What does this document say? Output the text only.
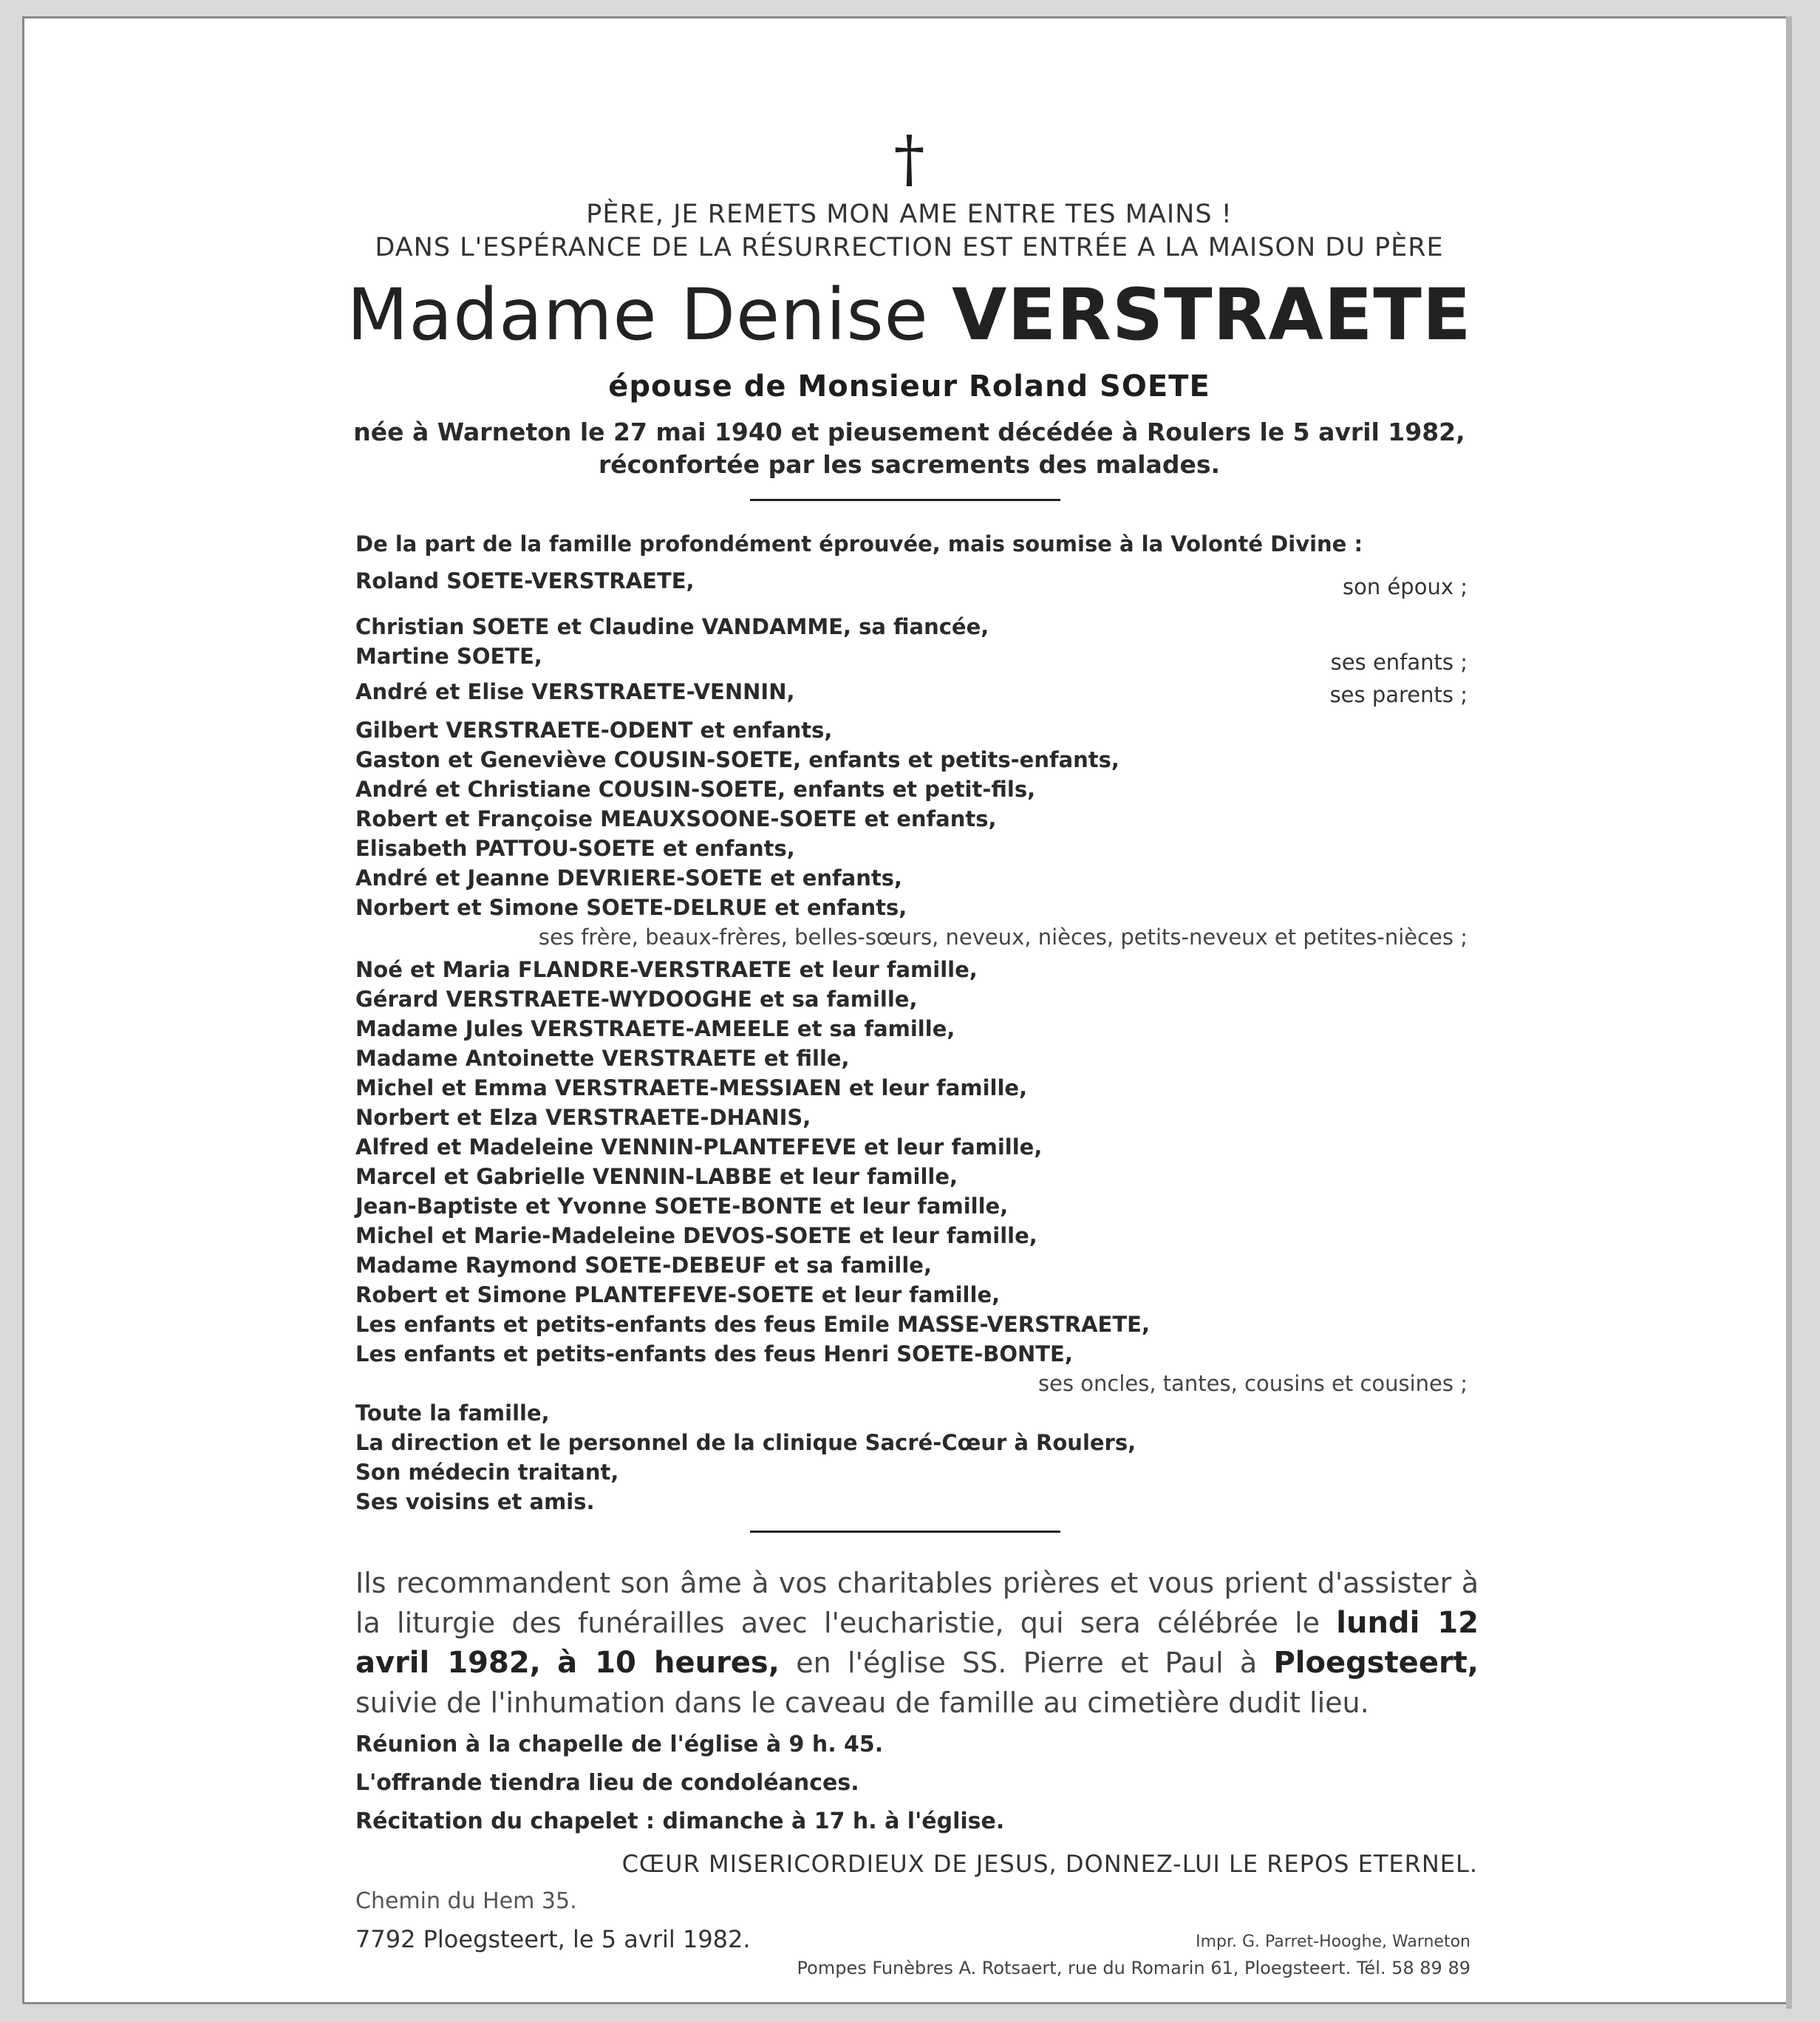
†
PÈRE, JE REMETS MON AME ENTRE TES MAINS !
DANS L'ESPÉRANCE DE LA RÉSURRECTION EST ENTRÉE A LA MAISON DU PÈRE
Madame Denise VERSTRAETE
épouse de Monsieur Roland SOETE
née à Warneton le 27 mai 1940 et pieusement décédée à Roulers le 5 avril 1982,
réconfortée par les sacrements des malades.
De la part de la famille profondément éprouvée, mais soumise à la Volonté Divine :
Roland SOETE-VERSTRAETE,	son époux ;
Christian SOETE et Claudine VANDAMME, sa fiancée,
Martine SOETE,	ses enfants ;
André et Elise VERSTRAETE-VENNIN,	ses parents ;
Gilbert VERSTRAETE-ODENT et enfants,
Gaston et Geneviève COUSIN-SOETE, enfants et petits-enfants,
André et Christiane COUSIN-SOETE, enfants et petit-fils,
Robert et Françoise MEAUXSOONE-SOETE et enfants,
Elisabeth PATTOU-SOETE et enfants,
André et Jeanne DEVRIERE-SOETE et enfants,
Norbert et Simone SOETE-DELRUE et enfants,
ses frère, beaux-frères, belles-sœurs, neveux, nièces, petits-neveux et petites-nièces ;
Noé et Maria FLANDRE-VERSTRAETE et leur famille,
Gérard VERSTRAETE-WYDOOGHE et sa famille,
Madame Jules VERSTRAETE-AMEELE et sa famille,
Madame Antoinette VERSTRAETE et fille,
Michel et Emma VERSTRAETE-MESSIAEN et leur famille,
Norbert et Elza VERSTRAETE-DHANIS,
Alfred et Madeleine VENNIN-PLANTEFEVE et leur famille,
Marcel et Gabrielle VENNIN-LABBE et leur famille,
Jean-Baptiste et Yvonne SOETE-BONTE et leur famille,
Michel et Marie-Madeleine DEVOS-SOETE et leur famille,
Madame Raymond SOETE-DEBEUF et sa famille,
Robert et Simone PLANTEFEVE-SOETE et leur famille,
Les enfants et petits-enfants des feus Emile MASSE-VERSTRAETE,
Les enfants et petits-enfants des feus Henri SOETE-BONTE,
ses oncles, tantes, cousins et cousines ;
Toute la famille,
La direction et le personnel de la clinique Sacré-Cœur à Roulers,
Son médecin traitant,
Ses voisins et amis.
Ils recommandent son âme à vos charitables prières et vous prient d'assister à la liturgie des funérailles avec l'eucharistie, qui sera célébrée le lundi 12 avril 1982, à 10 heures, en l'église SS. Pierre et Paul à Ploegsteert, suivie de l'inhumation dans le caveau de famille au cimetière dudit lieu.
Réunion à la chapelle de l'église à 9 h. 45.
L'offrande tiendra lieu de condoléances.
Récitation du chapelet : dimanche à 17 h. à l'église.
CŒUR MISERICORDIEUX DE JESUS, DONNEZ-LUI LE REPOS ETERNEL.
Chemin du Hem 35.
7792 Ploegsteert, le 5 avril 1982.	Impr. G. Parret-Hooghe, Warneton
Pompes Funèbres A. Rotsaert, rue du Romarin 61, Ploegsteert. Tél. 58 89 89
